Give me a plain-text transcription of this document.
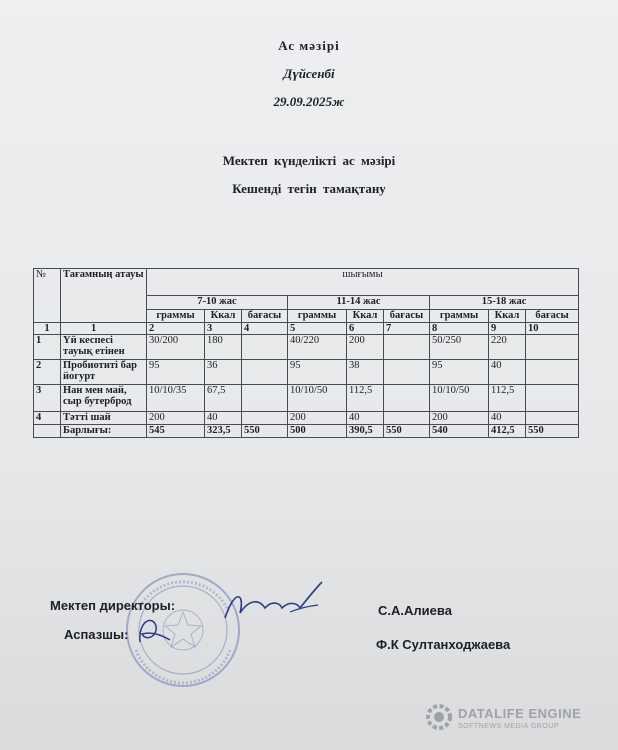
Ас мәзірі
Дүйсенбі
29.09.2025ж
Мектеп күнделікті ас мәзірі
Кешенді тегін тамақтану
№	Тағамның атауы	шығымы								
		7-10 жас			11-14 жас			15-18 жас		
		граммы	Ккал	бағасы	граммы	Ккал	бағасы	граммы	Ккал	бағасы
1	1	2	3	4	5	6	7	8	9	10
1	Үй кеспесі тауық етінен	30/200	180		40/220	200		50/250	220	
2	Пробиотиті бар йогурт	95	36		95	38		95	40	
3	Нан мен май, сыр бутерброд	10/10/35	67,5		10/10/50	112,5		10/10/50	112,5	
4	Тәтті шай	200	40		200	40		200	40	
	Барлығы:	545	323,5	550	500	390,5	550	540	412,5	550
Мектеп директоры:
Аспазшы:
С.А.Алиева
Ф.К Султанходжаева
DATALIFE ENGINE
SOFTNEWS MEDIA GROUP
